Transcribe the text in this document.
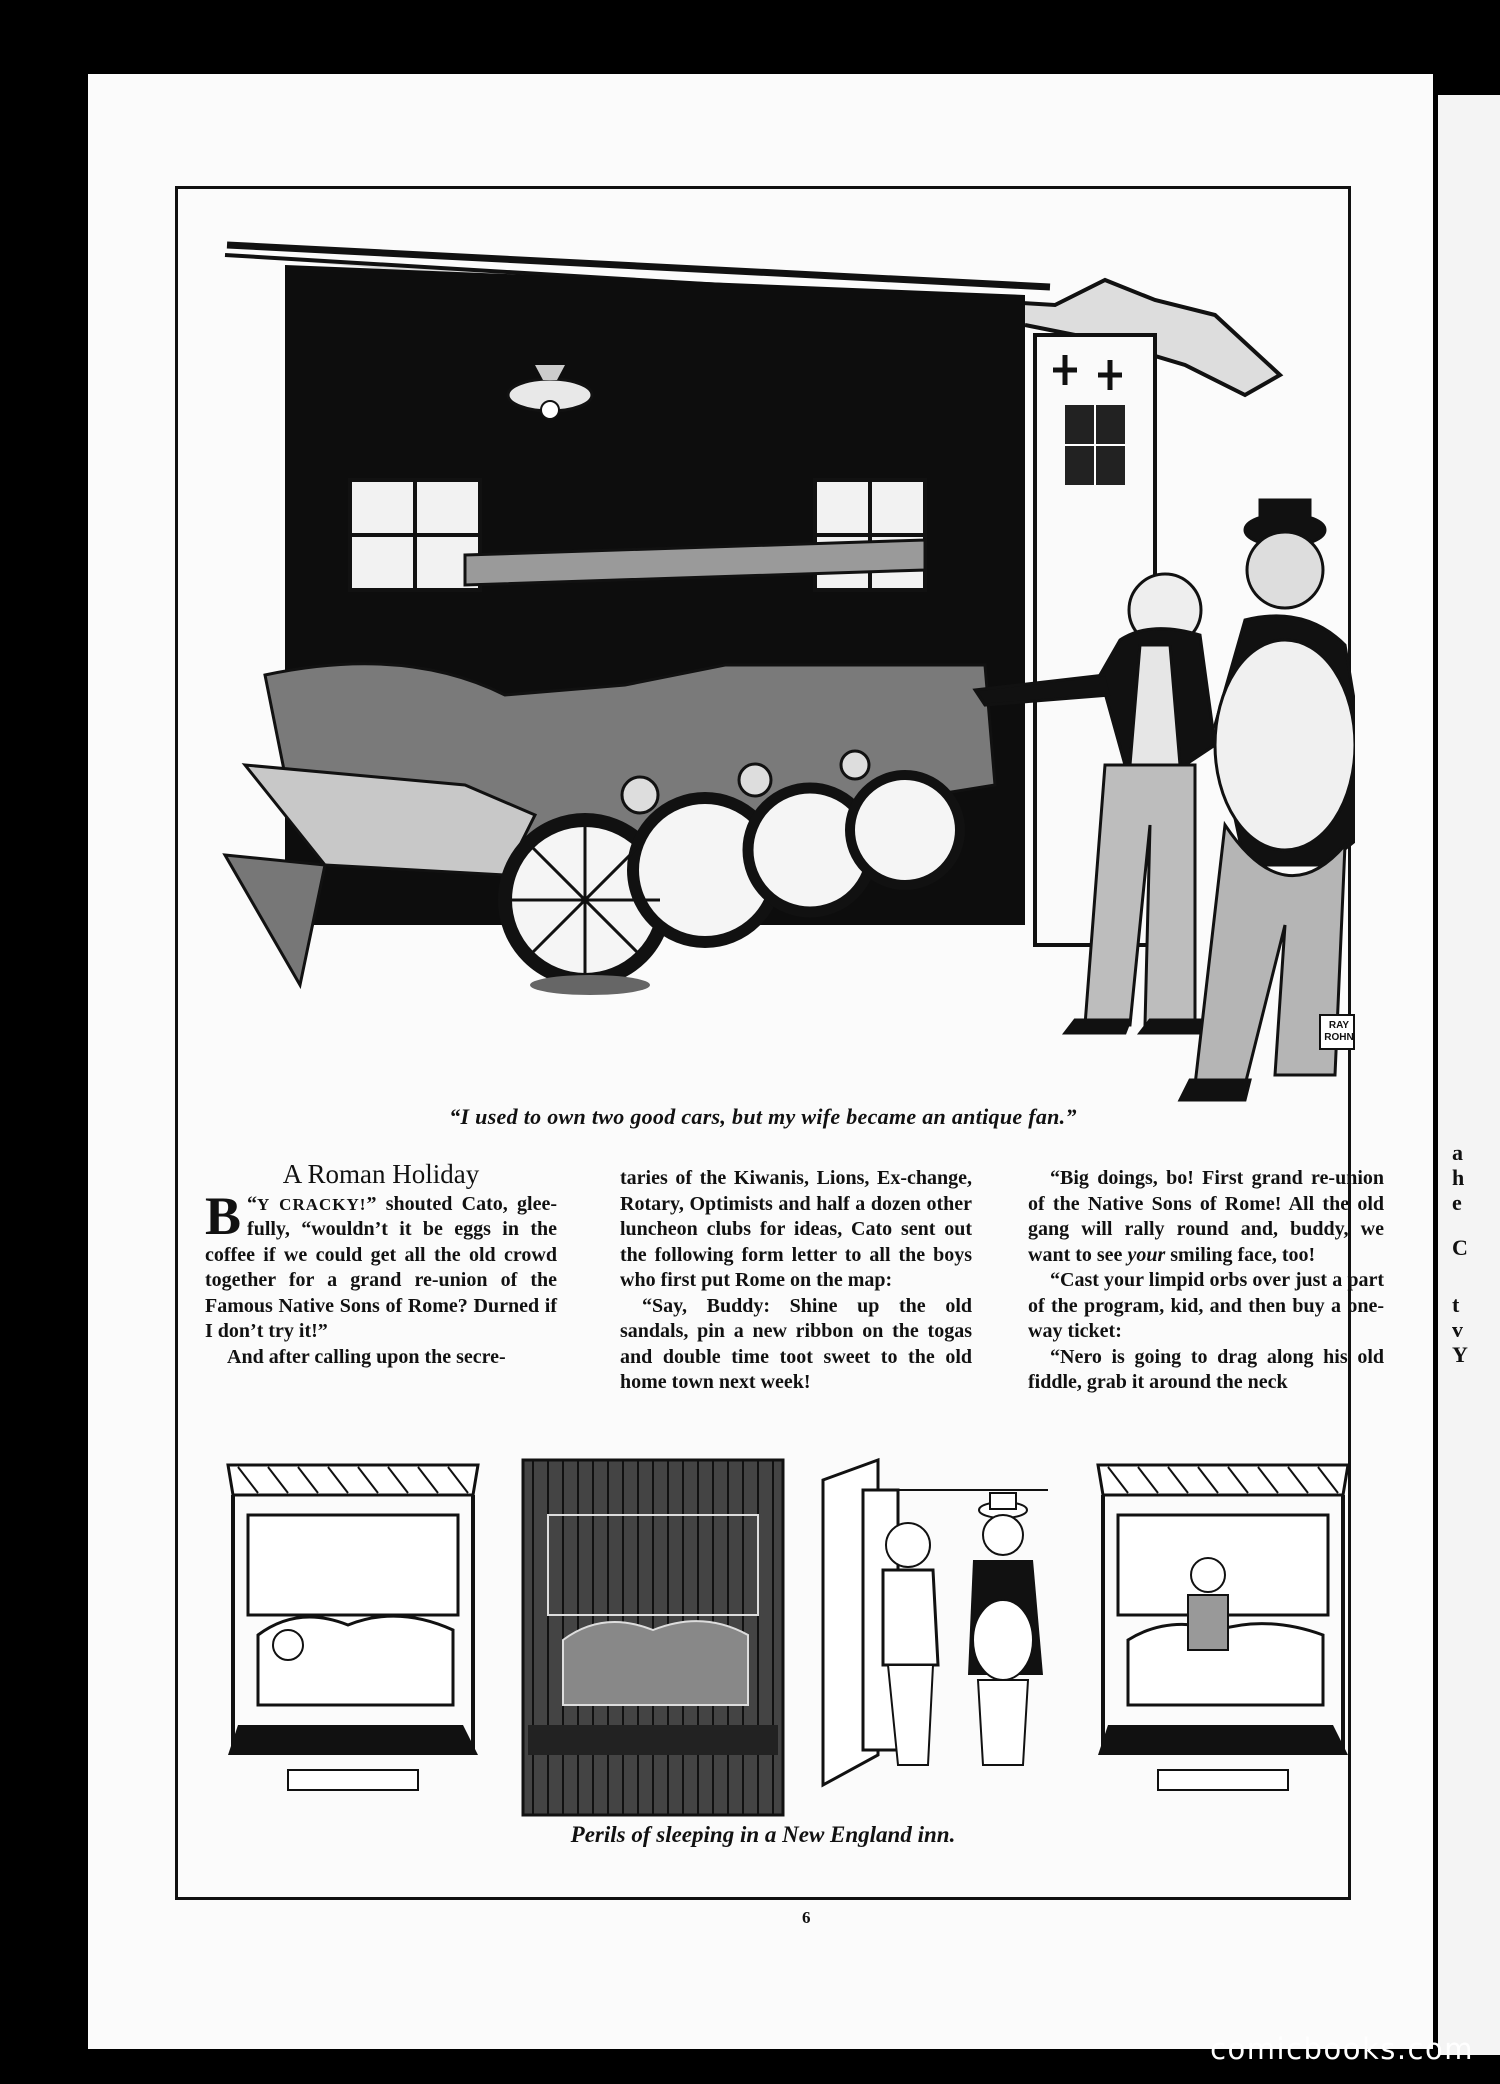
a
h
e
C
t
v
Y
RAY ROHN
“I used to own two good cars, but my wife became an antique fan.”
A Roman Holiday

“
B Y CRACKY!” shouted Cato, glee-fully, “wouldn’t it be eggs in the coffee if we could get all the old crowd together for a grand re-union of the Famous Native Sons of Rome? Durned if I don’t try it!”

And after calling upon the secre-

taries of the Kiwanis, Lions, Ex-change, Rotary, Optimists and half a dozen other luncheon clubs for ideas, Cato sent out the following form letter to all the boys who first put Rome on the map:

“Say, Buddy: Shine up the old sandals, pin a new ribbon on the togas and double time toot sweet to the old home town next week!

“Big doings, bo! First grand re-union of the Native Sons of Rome! All the old gang will rally round and, buddy, we want to see your smiling face, too!

“Cast your limpid orbs over just a part of the program, kid, and then buy a one-way ticket:

“Nero is going to drag along his old fiddle, grab it around the neck

Perils of sleeping in a New England inn.
6
comicbooks.com
